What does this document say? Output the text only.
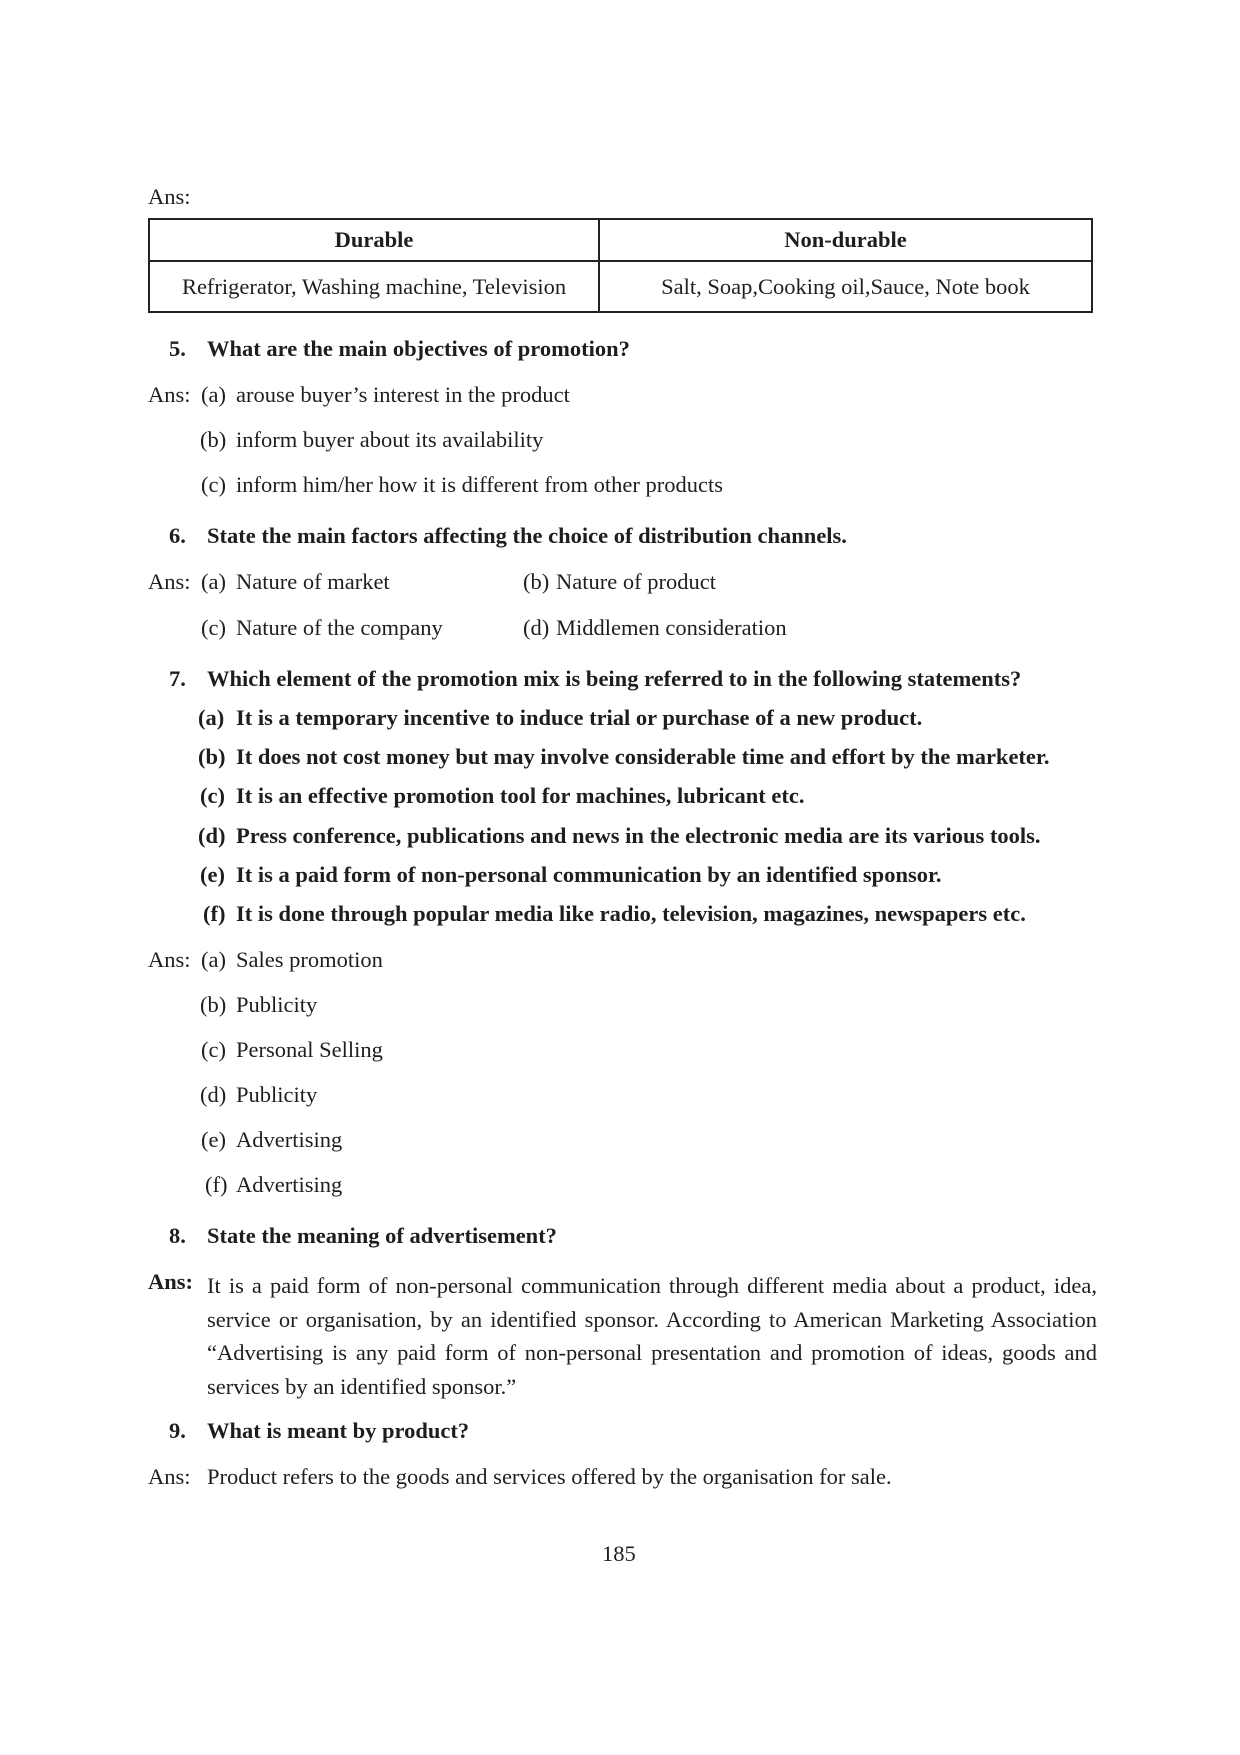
Ans:
Durable	Non-durable
Refrigerator, Washing machine, Television	Salt, Soap,Cooking oil,Sauce, Note book
5. What are the main objectives of promotion?
Ans: (a) arouse buyer’s interest in the product
(b) inform buyer about its availability
(c) inform him/her how it is different from other products
6. State the main factors affecting the choice of distribution channels.
Ans: (a) Nature of market	(b) Nature of product
(c) Nature of the company	(d) Middlemen consideration
7. Which element of the promotion mix is being referred to in the following statements?
(a) It is a temporary incentive to induce trial or purchase of a new product.
(b) It does not cost money but may involve considerable time and effort by the marketer.
(c) It is an effective promotion tool for machines, lubricant etc.
(d) Press conference, publications and news in the electronic media are its various tools.
(e) It is a paid form of non-personal communication by an identified sponsor.
(f) It is done through popular media like radio, television, magazines, newspapers etc.
Ans: (a) Sales promotion
(b) Publicity
(c) Personal Selling
(d) Publicity
(e) Advertising
(f) Advertising
8. State the meaning of advertisement?
Ans: It is a paid form of non-personal communication through different media about a product, idea, service or organisation, by an identified sponsor. According to American Marketing Association “Advertising is any paid form of non-personal presentation and promotion of ideas, goods and services by an identified sponsor.”
9. What is meant by product?
Ans: Product refers to the goods and services offered by the organisation for sale.
185
